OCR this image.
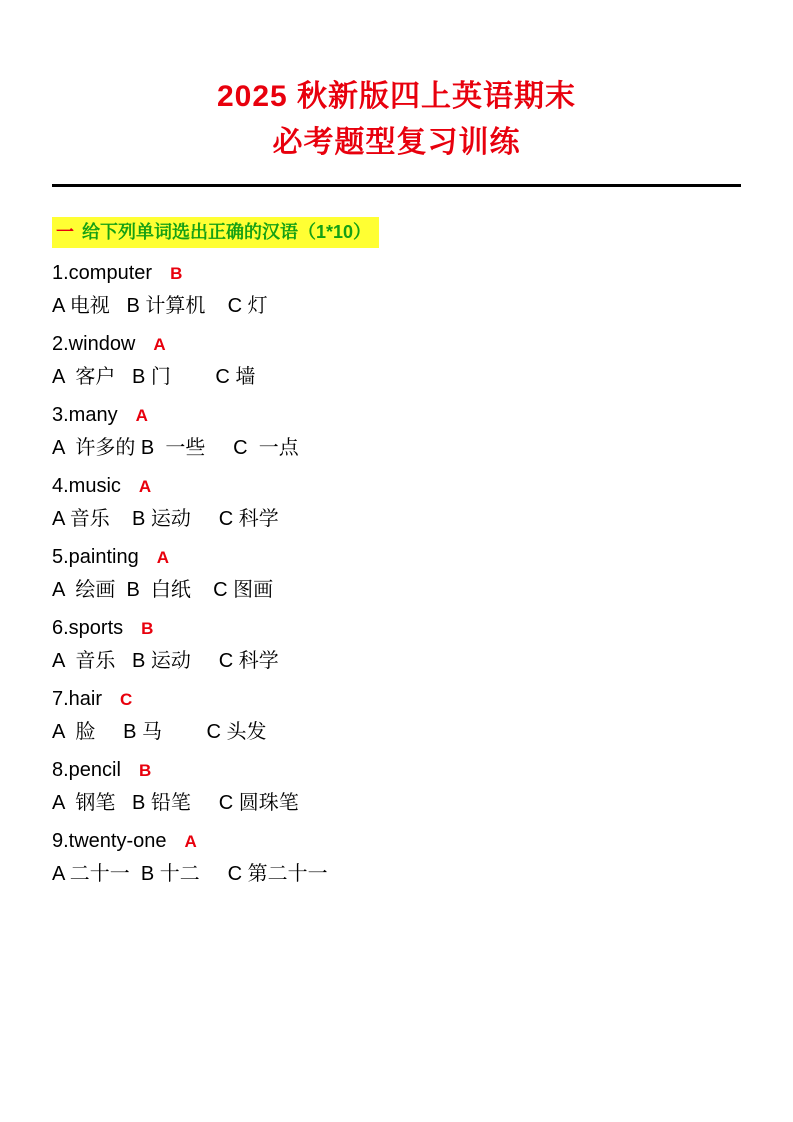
2025 秋新版四上英语期末
必考题型复习训练
一 给下列单词选出正确的汉语（1*10）
1.computer B
A 电视   B 计算机    C 灯
2.window A
A  客户   B 门        C 墙
3.many A
A  许多的 B  一些     C  一点
4.music A
A 音乐    B 运动     C 科学
5.painting A
A  绘画  B  白纸    C 图画
6.sports B
A  音乐   B 运动     C 科学
7.hair C
A  脸     B 马        C 头发
8.pencil B
A  钢笔   B 铅笔     C 圆珠笔
9.twenty-one A
A 二十一  B 十二     C 第二十一
